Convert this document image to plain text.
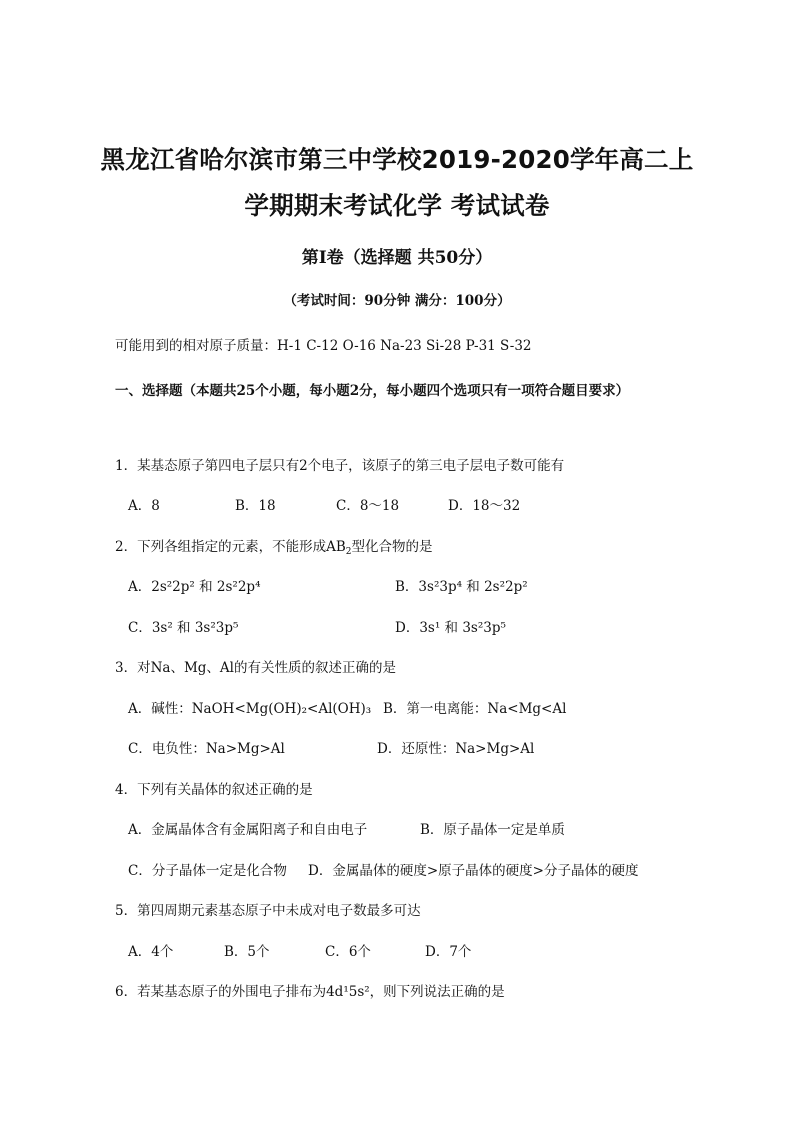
黑龙江省哈尔滨市第三中学校2019-2020学年高二上
学期期末考试化学 考试试卷
第Ⅰ卷（选择题 共50分）
（考试时间：90分钟 满分：100分）
可能用到的相对原子质量：H-1 C-12 O-16 Na-23 Si-28 P-31 S-32
一、选择题（本题共25个小题，每小题2分，每小题四个选项只有一项符合题目要求）
1．某基态原子第四电子层只有2个电子，该原子的第三电子层电子数可能有
A．8	B．18	C．8～18	D．18～32
2．下列各组指定的元素，不能形成$AB_2$型化合物的是
A．2s²2p² 和 2s²2p⁴	B．3s²3p⁴ 和 2s²2p²
C．3s² 和 3s²3p⁵	D．3s¹ 和 3s²3p⁵
3．对Na、Mg、Al的有关性质的叙述正确的是
A．碱性：NaOH<Mg(OH)₂<Al(OH)₃ B．第一电离能：Na<Mg<Al
C．电负性：Na>Mg>Al	D．还原性：Na>Mg>Al
4．下列有关晶体的叙述正确的是
A．金属晶体含有金属阳离子和自由电子	B．原子晶体一定是单质
C．分子晶体一定是化合物 D．金属晶体的硬度>原子晶体的硬度>分子晶体的硬度
5．第四周期元素基态原子中未成对电子数最多可达
A．4个	B．5个	C．6个	D．7个
6．若某基态原子的外围电子排布为4d¹5s²，则下列说法正确的是
